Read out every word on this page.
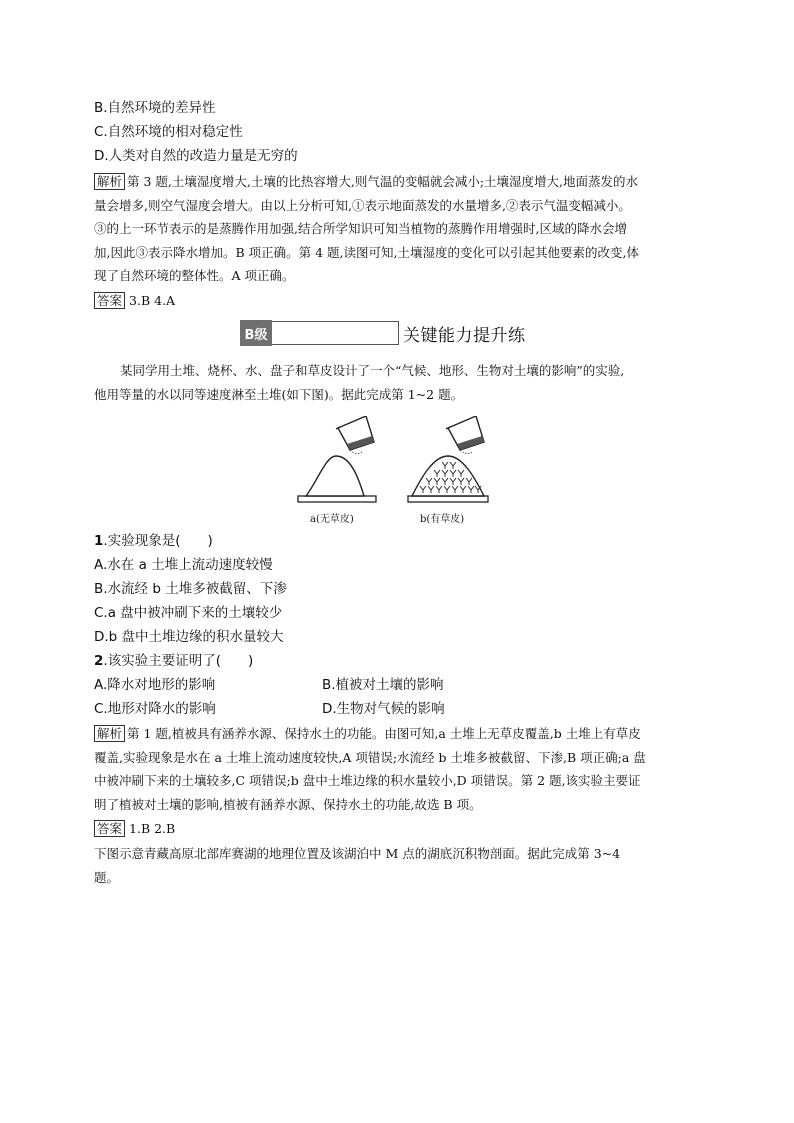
B.自然环境的差异性
C.自然环境的相对稳定性
D.人类对自然的改造力量是无穷的
解析 第 3 题,土壤湿度增大,土壤的比热容增大,则气温的变幅就会减小;土壤湿度增大,地面蒸发的水
量会增多,则空气湿度会增大。由以上分析可知,①表示地面蒸发的水量增多,②表示气温变幅减小。
③的上一环节表示的是蒸腾作用加强,结合所学知识可知当植物的蒸腾作用增强时,区域的降水会增
加,因此③表示降水增加。B 项正确。第 4 题,读图可知,土壤湿度的变化可以引起其他要素的改变,体
现了自然环境的整体性。A 项正确。
答案 3.B 4.A
B级	关键能力提升练
某同学用土堆、烧杯、水、盘子和草皮设计了一个“气候、地形、生物对土壤的影响”的实验,
他用等量的水以同等速度淋至土堆(如下图)。据此完成第 1~2 题。
a(无草皮)	b(有草皮)
1.实验现象是(　　)
A.水在 a 土堆上流动速度较慢
B.水流经 b 土堆多被截留、下渗
C.a 盘中被冲刷下来的土壤较少
D.b 盘中土堆边缘的积水量较大
2.该实验主要证明了(　　)
A.降水对地形的影响	B.植被对土壤的影响
C.地形对降水的影响	D.生物对气候的影响
解析 第 1 题,植被具有涵养水源、保持水土的功能。由图可知,a 土堆上无草皮覆盖,b 土堆上有草皮
覆盖,实验现象是水在 a 土堆上流动速度较快,A 项错误;水流经 b 土堆多被截留、下渗,B 项正确;a 盘
中被冲刷下来的土壤较多,C 项错误;b 盘中土堆边缘的积水量较小,D 项错误。第 2 题,该实验主要证
明了植被对土壤的影响,植被有涵养水源、保持水土的功能,故选 B 项。
答案 1.B 2.B
下图示意青藏高原北部库赛湖的地理位置及该湖泊中 M 点的湖底沉积物剖面。据此完成第 3~4
题。
